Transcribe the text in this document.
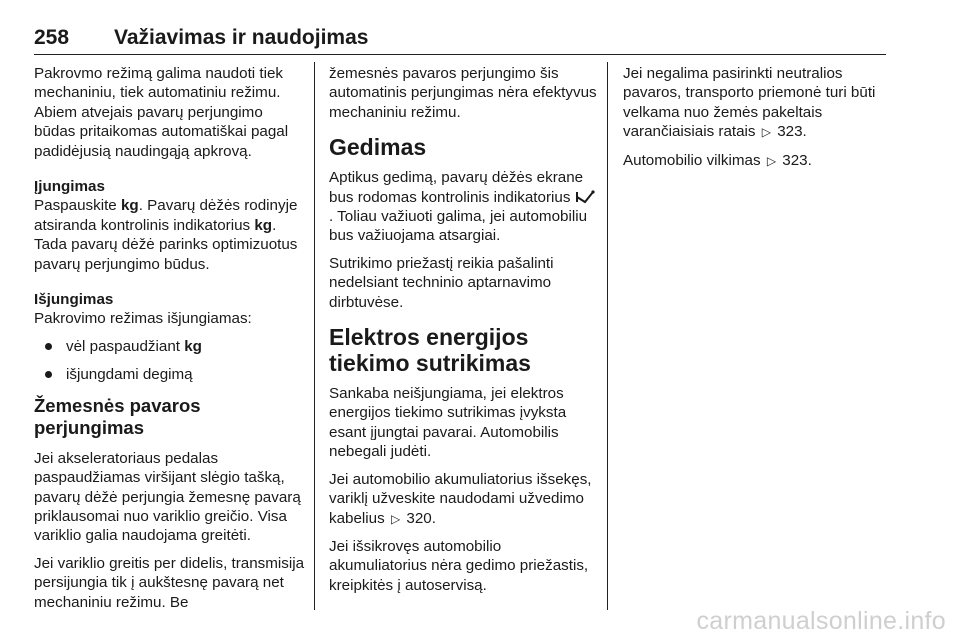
258	Važiavimas ir naudojimas

Pakrovmo režimą galima naudoti tiek mechaniniu, tiek automatiniu režimu. Abiem atvejais pavarų perjungimo būdas pritaikomas automatiškai pagal padidėjusią naudingąją apkrovą.

Įjungimas

Paspauskite kg. Pavarų dėžės rodinyje atsiranda kontrolinis indikatorius kg. Tada pavarų dėžė parinks optimizuotus pavarų perjungimo būdus.

Išjungimas

Pakrovimo režimas išjungiamas:

vėl paspaudžiant kg
išjungdami degimą
Žemesnės pavaros perjungimas

Jei akseleratoriaus pedalas paspaudžiamas viršijant slėgio tašką, pavarų dėžė perjungia žemesnę pavarą priklausomai nuo variklio greičio. Visa variklio galia naudojama greitėti.

Jei variklio greitis per didelis, transmisija persijungia tik į aukštesnę pavarą net mechaniniu režimu. Be

žemesnės pavaros perjungimo šis automatinis perjungimas nėra efektyvus mechaniniu režimu.

Gedimas

Aptikus gedimą, pavarų dėžės ekrane bus rodomas kontrolinis indikatorius . Toliau važiuoti galima, jei automobiliu bus važiuojama atsargiai.

Sutrikimo priežastį reikia pašalinti nedelsiant techninio aptarnavimo dirbtuvėse.

Elektros energijos tiekimo sutrikimas

Sankaba neišjungiama, jei elektros energijos tiekimo sutrikimas įvyksta esant įjungtai pavarai. Automobilis nebegali judėti.

Jei automobilio akumuliatorius išsekęs, variklį užveskite naudodami užvedimo kabelius ▷ 320.

Jei išsikrovęs automobilio akumuliatorius nėra gedimo priežastis, kreipkitės į autoservisą.

Jei negalima pasirinkti neutralios pavaros, transporto priemonė turi būti velkama nuo žemės pakeltais varančiaisiais ratais ▷ 323.

Automobilio vilkimas ▷ 323.

carmanualsonline.info
